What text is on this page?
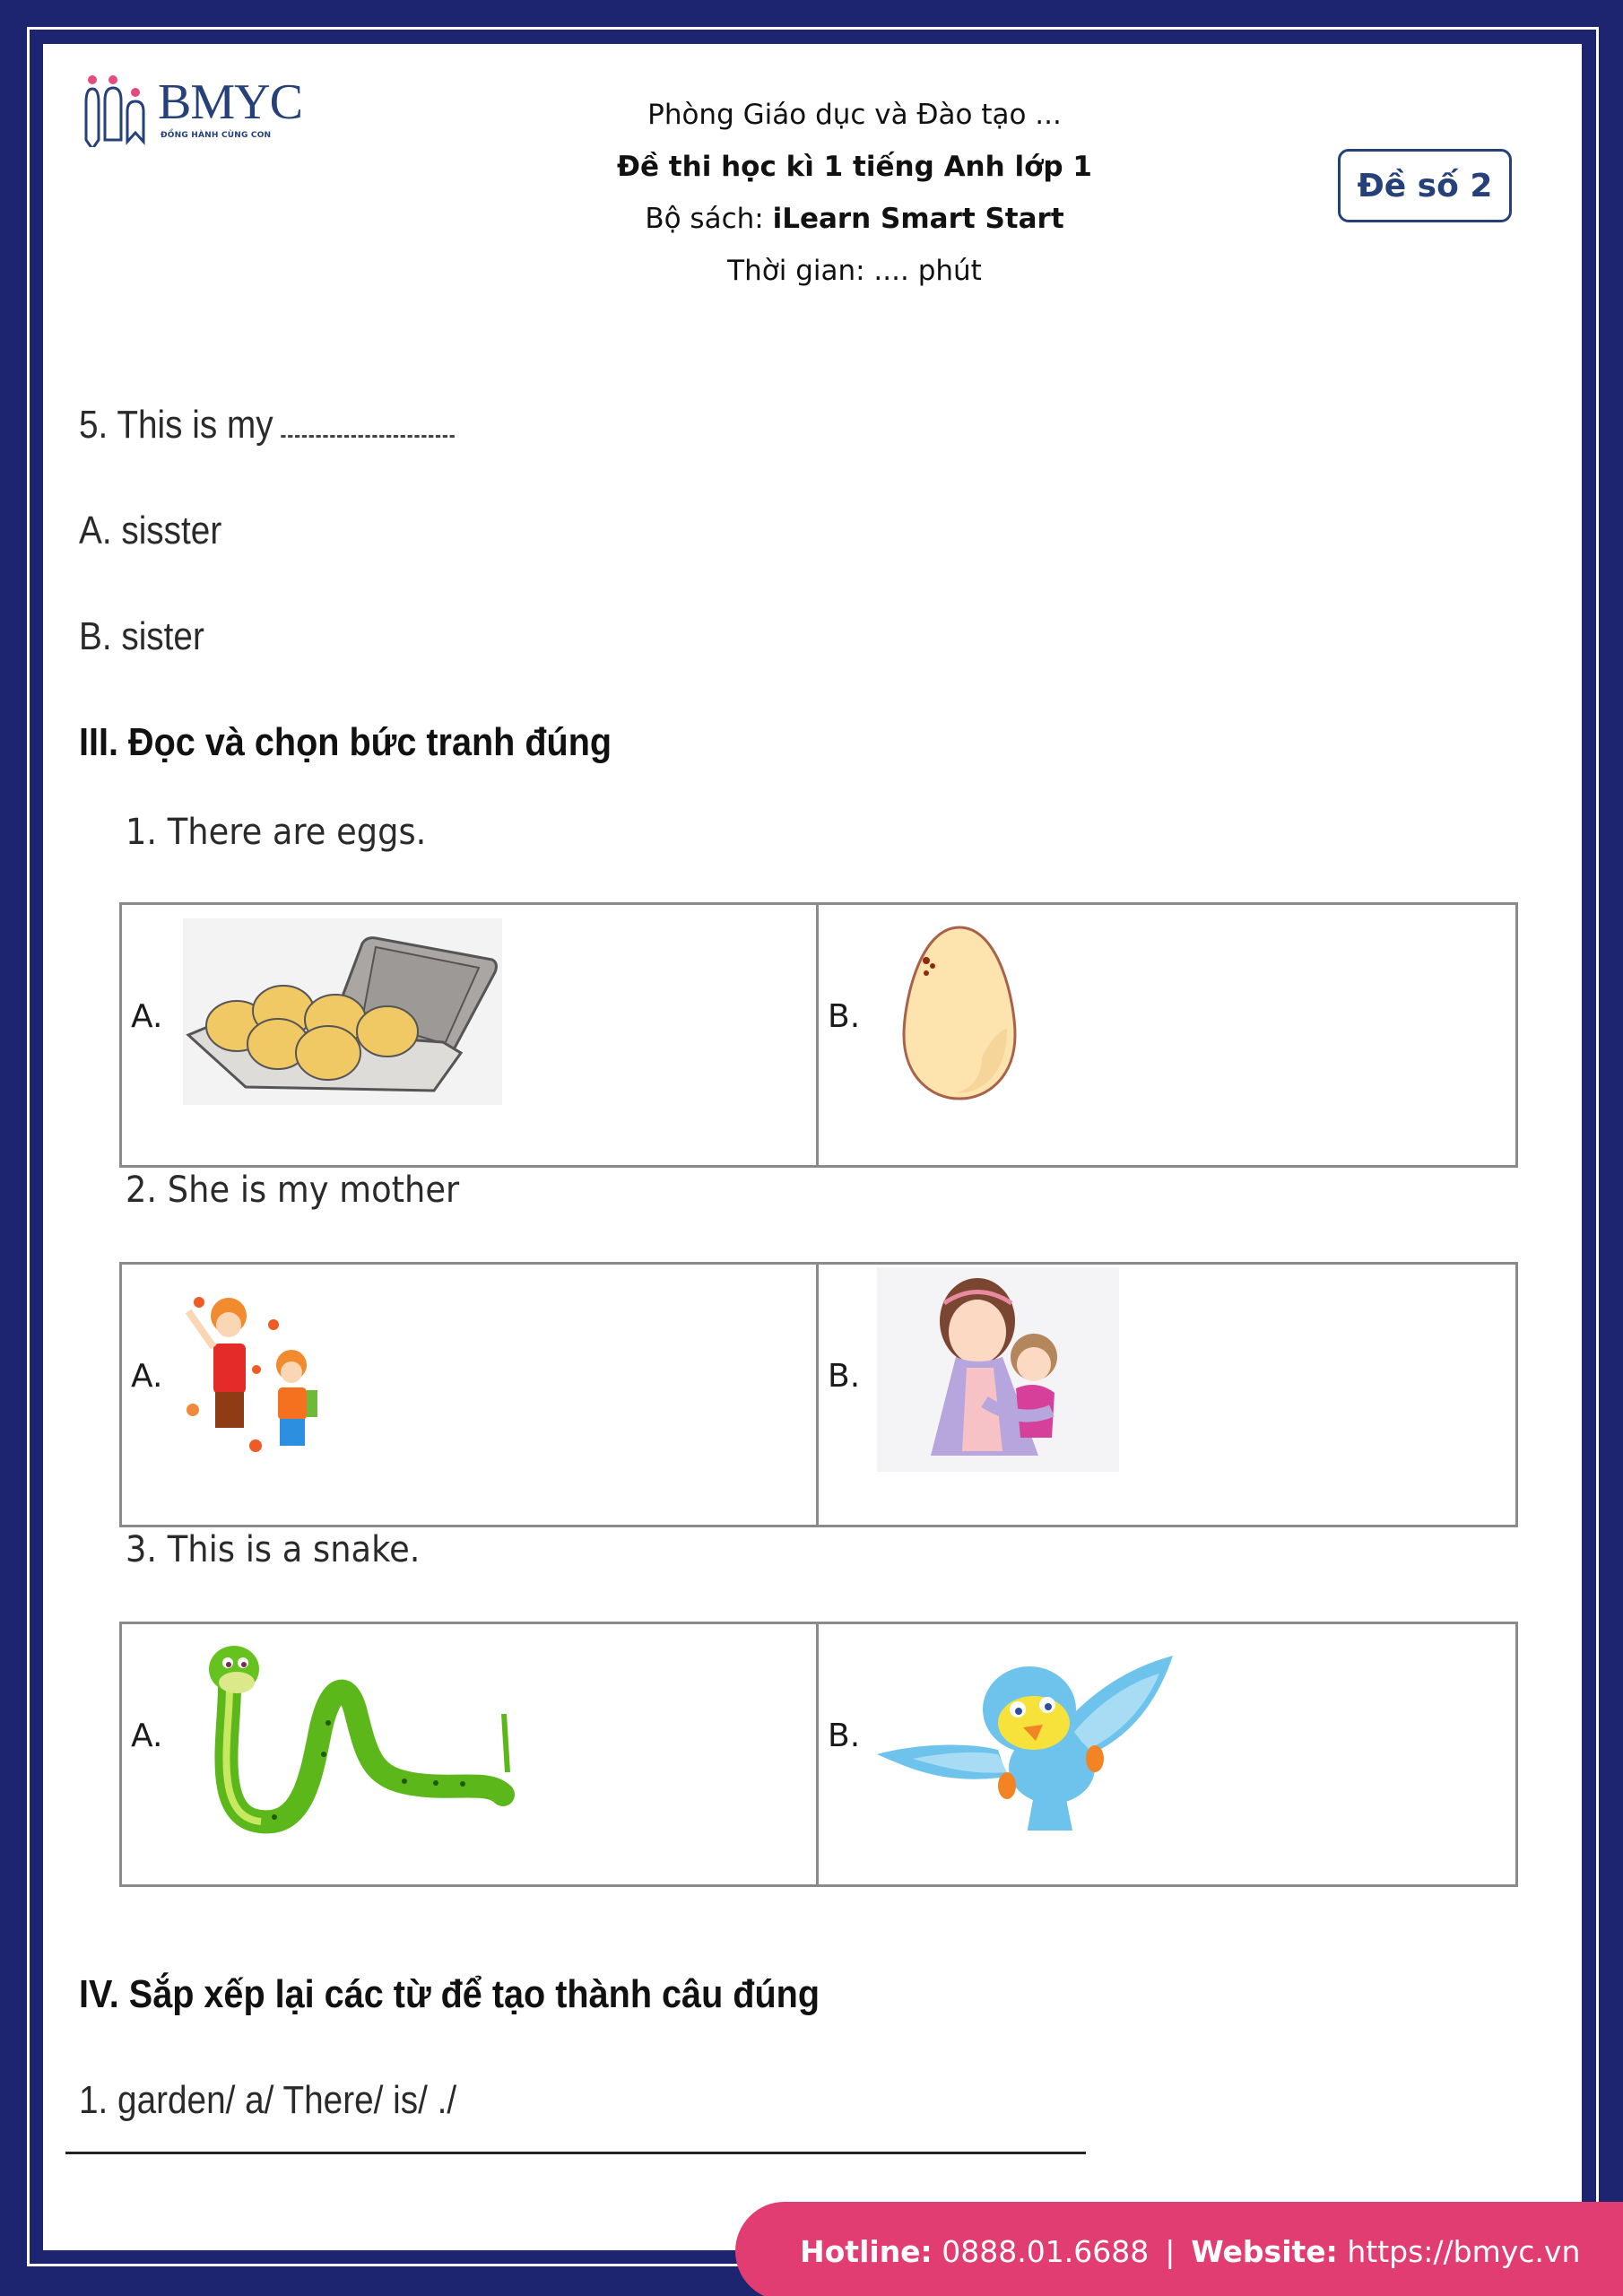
BMYC
ĐỒNG HÀNH CÙNG CON
Phòng Giáo dục và Đào tạo ...
Đề thi học kì 1 tiếng Anh lớp 1
Bộ sách: iLearn Smart Start
Thời gian: .... phút
Đề số 2
5. This is my
A. sisster
B. sister
III. Đọc và chọn bức tranh đúng
1. There are eggs.
A.	B.
2. She is my mother
A.	B.
3. This is a snake.
A.	B.
IV. Sắp xếp lại các từ để tạo thành câu đúng
1. garden/ a/ There/ is/ ./
Hotline: 0888.01.6688 | Website: https://bmyc.vn
